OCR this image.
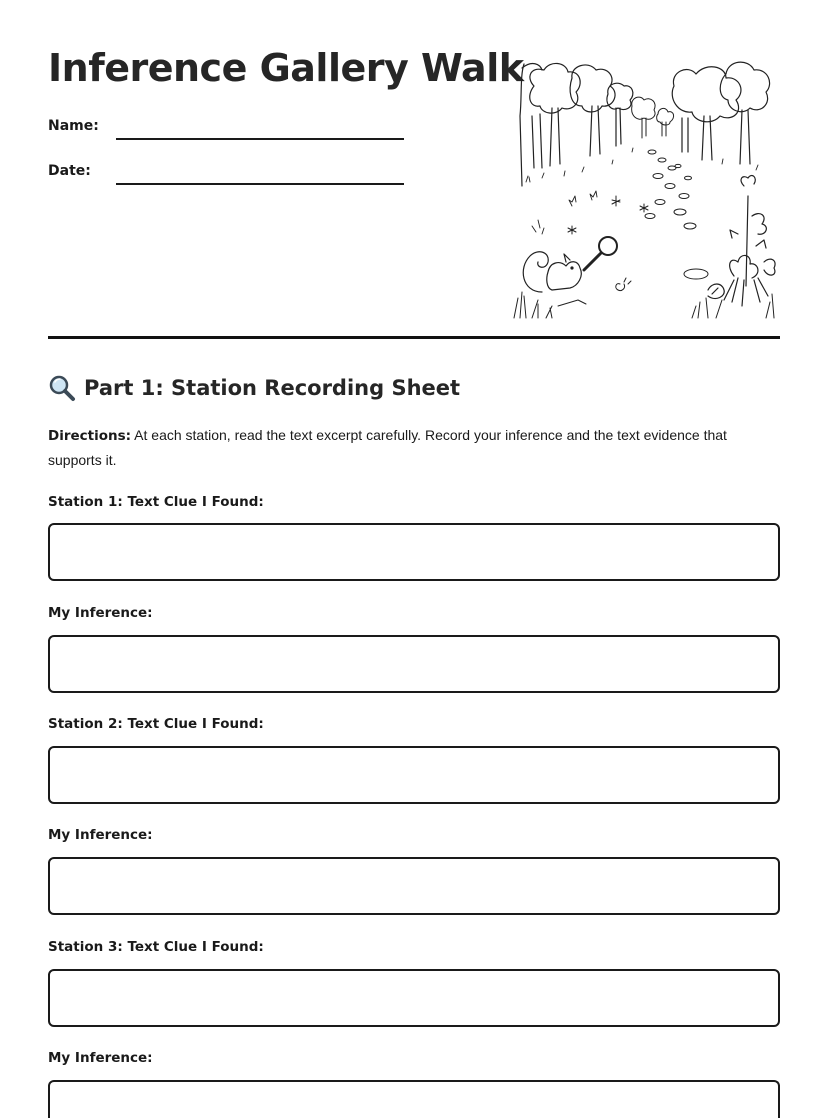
Inference Gallery Walk
Name:
Date:
Part 1: Station Recording Sheet
Directions: At each station, read the text excerpt carefully. Record your inference and the text evidence that supports it.
Station 1: Text Clue I Found:
My Inference:
Station 2: Text Clue I Found:
My Inference:
Station 3: Text Clue I Found:
My Inference:
